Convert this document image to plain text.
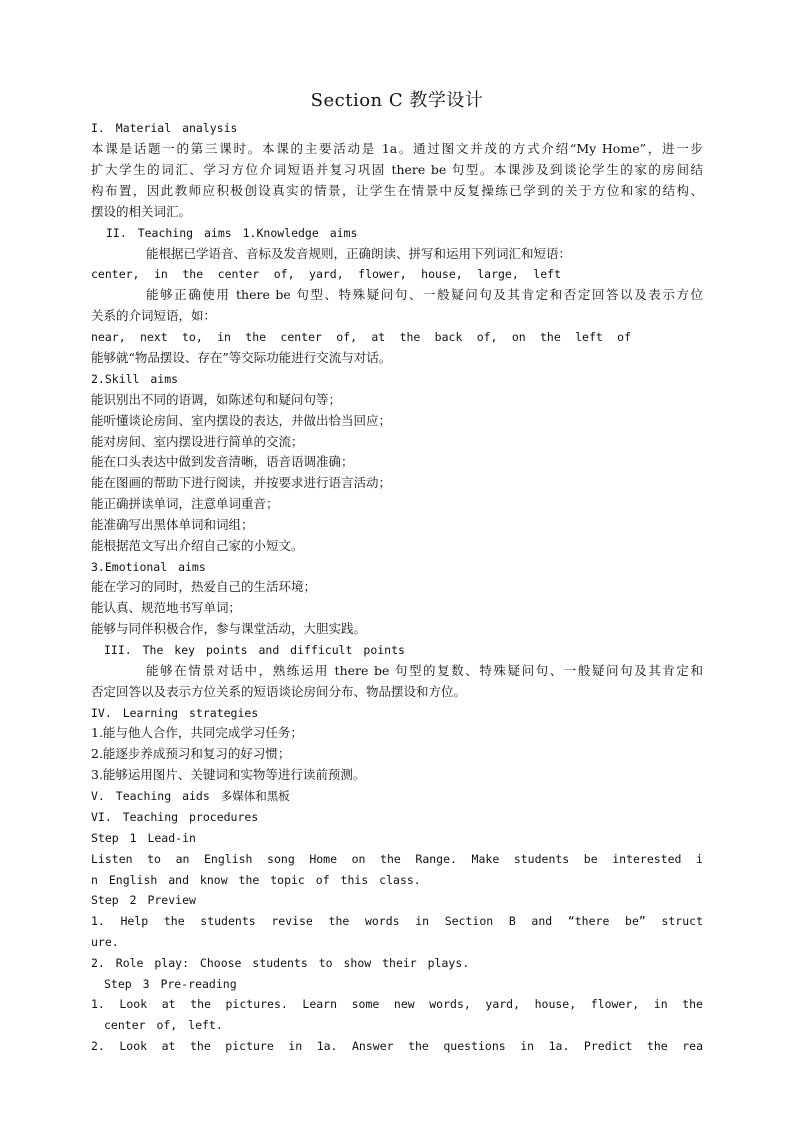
Section C 教学设计
I. Material analysis
本课是话题一的第三课时。本课的主要活动是 1a。通过图文并茂的方式介绍“My Home”，进一步
扩大学生的词汇、学习方位介词短语并复习巩固 there be 句型。本课涉及到谈论学生的家的房间结
构布置，因此教师应积极创设真实的情景，让学生在情景中反复操练已学到的关于方位和家的结构、
摆设的相关词汇。
II. Teaching aims 1.Knowledge aims
能根据已学语音、音标及发音规则，正确朗读、拼写和运用下列词汇和短语：
center, in the center of, yard, flower, house, large, left
能够正确使用 there be 句型、特殊疑问句、一般疑问句及其肯定和否定回答以及表示方位
关系的介词短语，如：
near, next to, in the center of, at the back of, on the left of
能够就“物品摆设、存在”等交际功能进行交流与对话。
2.Skill aims
能识别出不同的语调，如陈述句和疑问句等；
能听懂谈论房间、室内摆设的表达，并做出恰当回应；
能对房间、室内摆设进行简单的交流；
能在口头表达中做到发音清晰，语音语调准确；
能在图画的帮助下进行阅读，并按要求进行语言活动；
能正确拼读单词，注意单词重音；
能准确写出黑体单词和词组；
能根据范文写出介绍自己家的小短文。
3.Emotional aims
能在学习的同时，热爱自己的生活环境；
能认真、规范地书写单词；
能够与同伴积极合作，参与课堂活动，大胆实践。
III. The key points and difficult points
能够在情景对话中，熟练运用 there be 句型的复数、特殊疑问句、一般疑问句及其肯定和
否定回答以及表示方位关系的短语谈论房间分布、物品摆设和方位。
IV. Learning strategies
1.能与他人合作，共同完成学习任务；
2.能逐步养成预习和复习的好习惯；
3.能够运用图片、关键词和实物等进行读前预测。
V. Teaching aids 多媒体和黑板
VI. Teaching procedures
Step 1 Lead-in
Listen to an English song Home on the Range. Make students be interested i
n English and know the topic of this class.
Step 2 Preview
1. Help the students revise the words in Section B and “there be” struct
ure.
2. Role play: Choose students to show their plays.
Step 3 Pre-reading
1. Look at the pictures. Learn some new words, yard, house, flower, in the
center of, left.
2. Look at the picture in 1a. Answer the questions in 1a. Predict the rea
